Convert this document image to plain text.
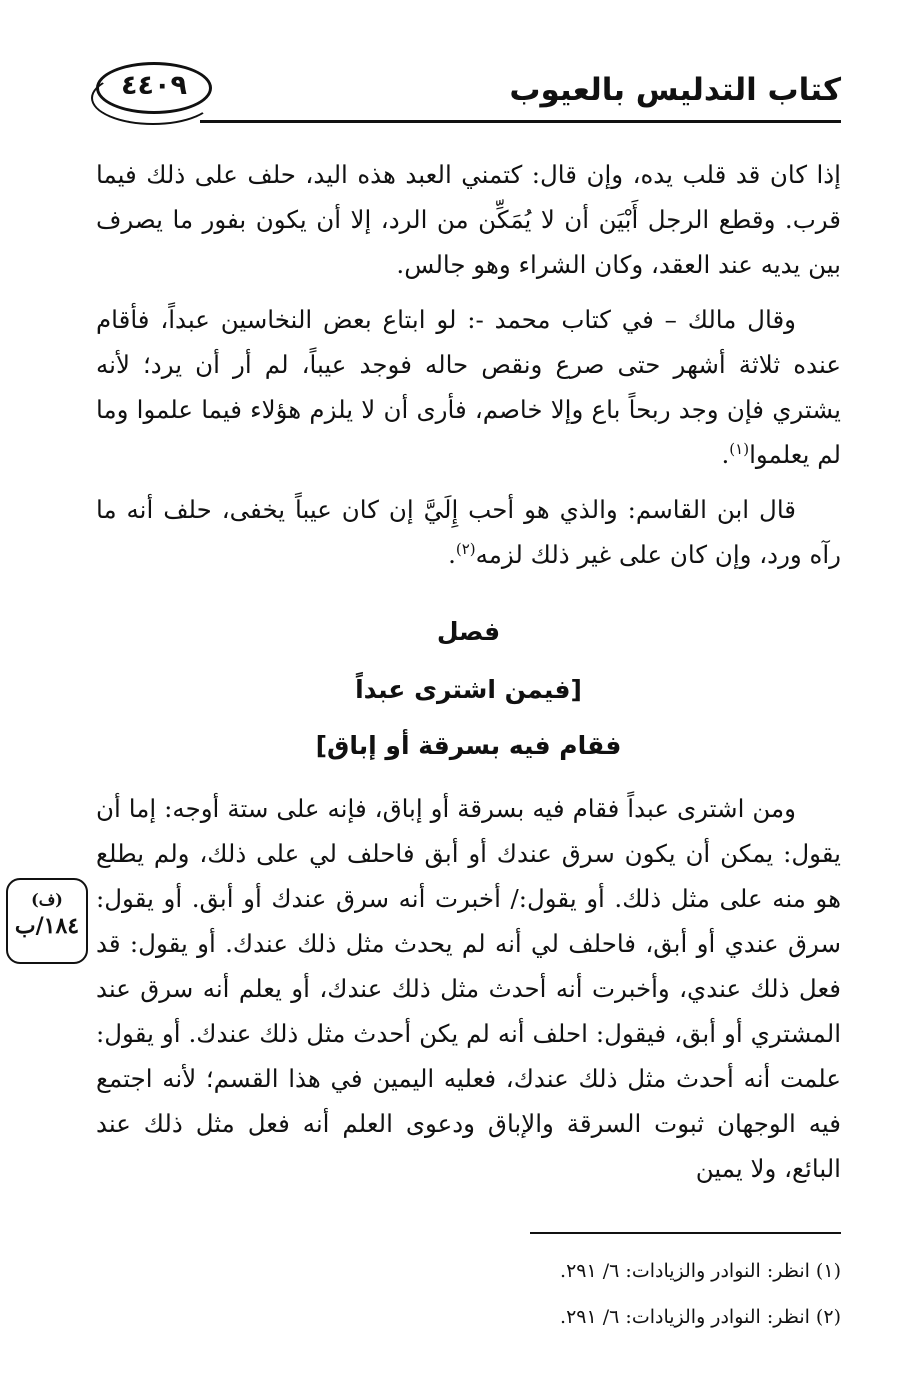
٤٤٠٩	كتاب التدليس بالعيوب

إذا كان قد قلب يده، وإن قال: كتمني العبد هذه اليد، حلف على ذلك فيما قرب. وقطع الرجل أَبْيَن أن لا يُمَكِّن من الرد، إلا أن يكون بفور ما يصرف بين يديه عند العقد، وكان الشراء وهو جالس.

وقال مالك – في كتاب محمد -: لو ابتاع بعض النخاسين عبداً، فأقام عنده ثلاثة أشهر حتى صرع ونقص حاله فوجد عيباً، لم أر أن يرد؛ لأنه يشتري فإن وجد ربحاً باع وإلا خاصم، فأرى أن لا يلزم هؤلاء فيما علموا وما لم يعلموا$^{(١)}$.

قال ابن القاسم: والذي هو أحب إِلَيَّ إن كان عيباً يخفى، حلف أنه ما رآه ورد، وإن كان على غير ذلك لزمه$^{(٢)}$.

فصل
[فيمن اشترى عبداً
فقام فيه بسرقة أو إباق]

ومن اشترى عبداً فقام فيه بسرقة أو إباق، فإنه على ستة أوجه: إما أن يقول: يمكن أن يكون سرق عندك أو أبق فاحلف لي على ذلك، ولم يطلع هو منه على مثل ذلك. أو يقول:/ أخبرت أنه سرق عندك أو أبق. أو يقول: سرق عندي أو أبق، فاحلف لي أنه لم يحدث مثل ذلك عندك. أو يقول: قد فعل ذلك عندي، وأخبرت أنه أحدث مثل ذلك عندك، أو يعلم أنه سرق عند المشتري أو أبق، فيقول: احلف أنه لم يكن أحدث مثل ذلك عندك. أو يقول: علمت أنه أحدث مثل ذلك عندك، فعليه اليمين في هذا القسم؛ لأنه اجتمع فيه الوجهان ثبوت السرقة والإباق ودعوى العلم أنه فعل مثل ذلك عند البائع، ولا يمين

(ف)
١٨٤/ب

(١) انظر: النوادر والزيادات: ٦/ ٢٩١.

(٢) انظر: النوادر والزيادات: ٦/ ٢٩١.
